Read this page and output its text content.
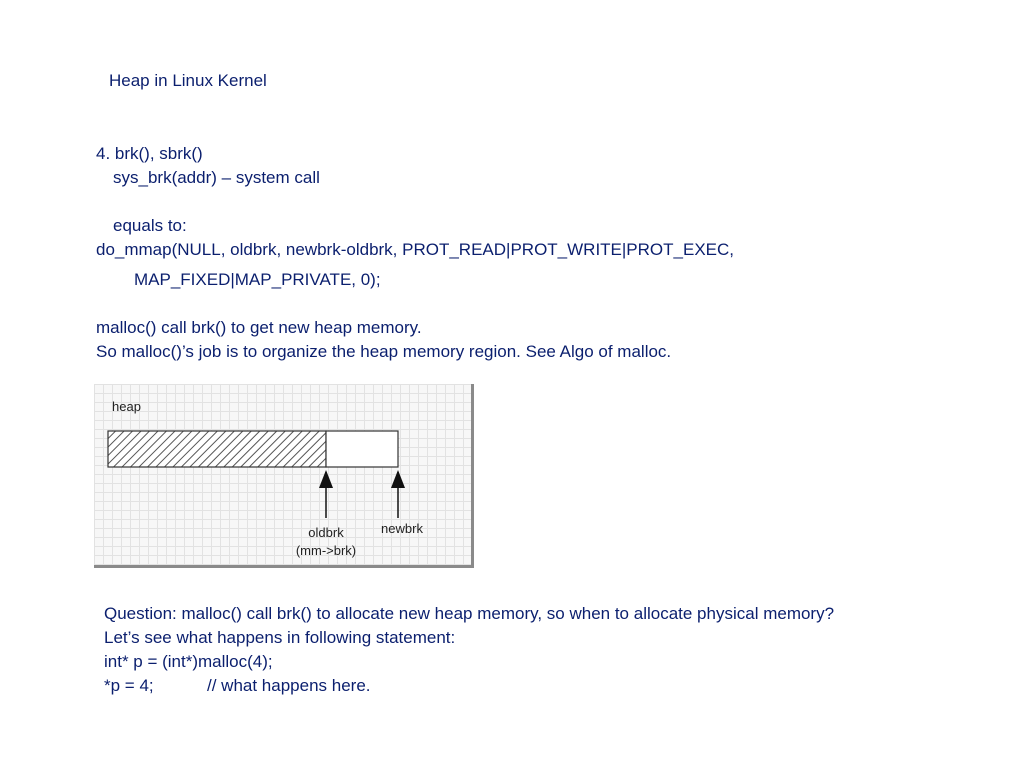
Heap in Linux Kernel

4. brk(), sbrk()

sys_brk(addr) – system call

equals to:

do_mmap(NULL, oldbrk, newbrk-oldbrk, PROT_READ|PROT_WRITE|PROT_EXEC,

MAP_FIXED|MAP_PRIVATE, 0);

malloc() call brk() to get new heap memory.

So malloc()’s job is to organize the heap memory region. See Algo of malloc.

heap
oldbrk
(mm->brk)
newbrk

Question: malloc() call brk() to allocate new heap memory, so when to allocate physical memory?

Let’s see what happens in following statement:

int* p = (int*)malloc(4);

*p = 4;	// what happens here.
